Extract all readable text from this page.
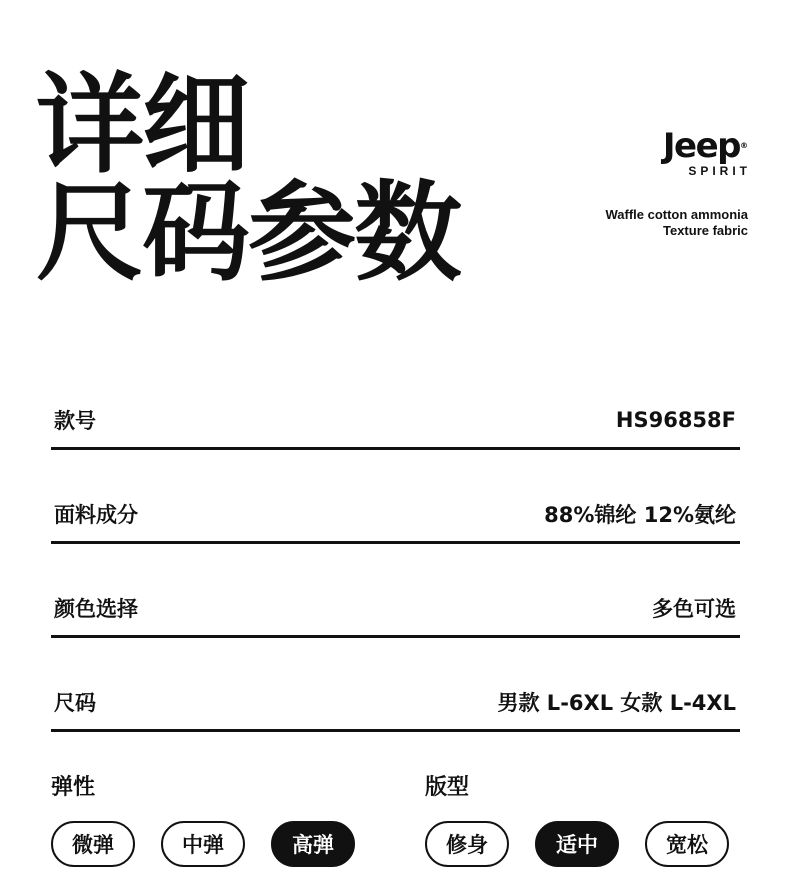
详细
尺码参数
Jeep®
SPIRIT
Waffle cotton ammonia
Texture fabric
款号	HS96858F
面料成分	88%锦纶 12%氨纶
颜色选择	多色可选
尺码	男款 L-6XL 女款 L-4XL
弹性
微弹	中弹	高弹
版型
修身	适中	宽松
